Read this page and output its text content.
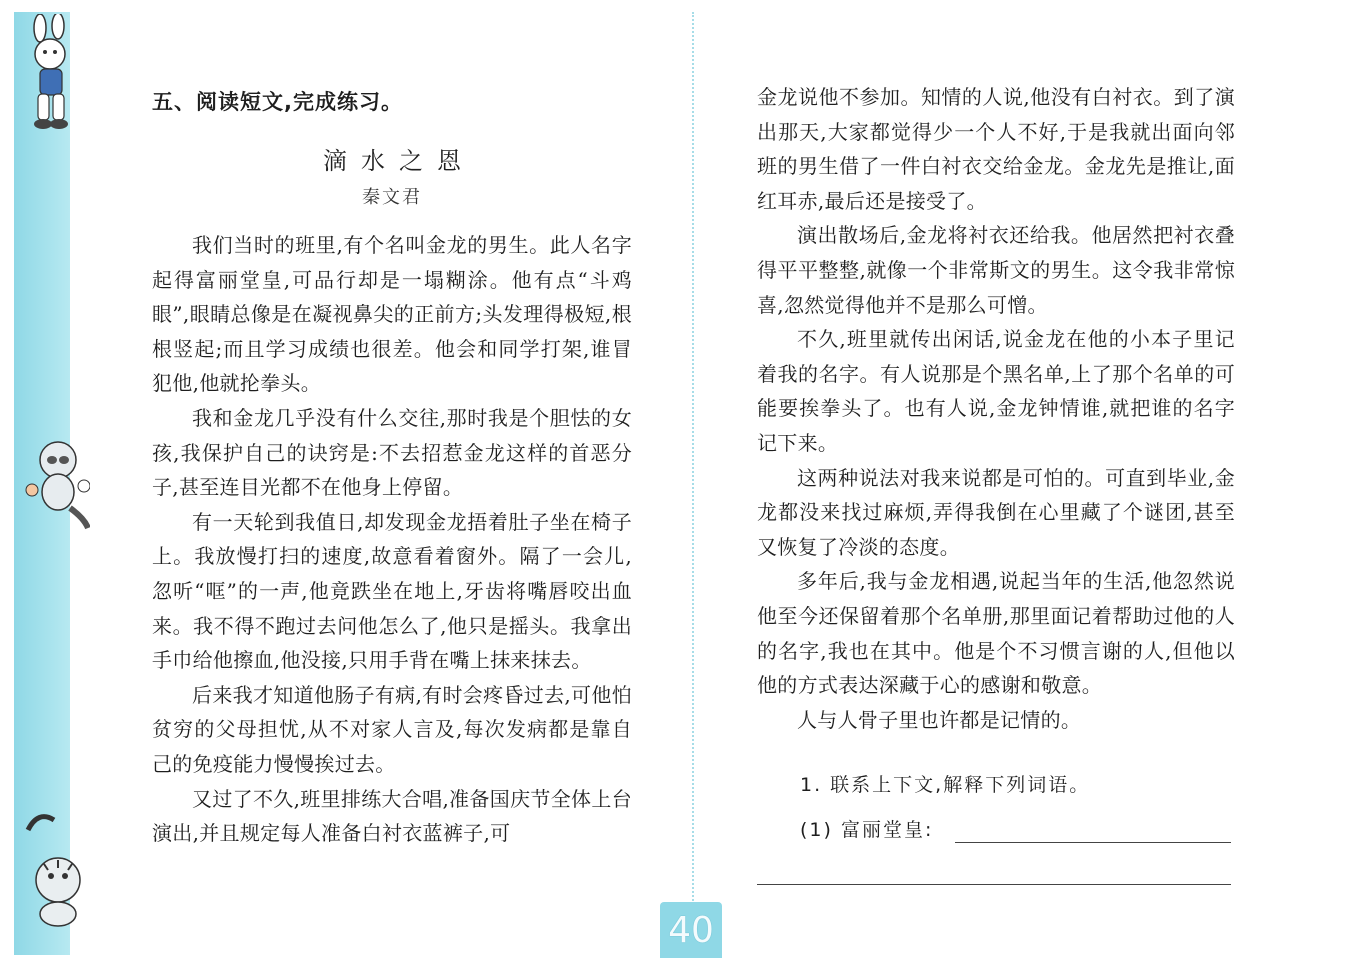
五、阅读短文,完成练习。
滴水之恩
秦文君

我们当时的班里,有个名叫金龙的男生。此人名字起得富丽堂皇,可品行却是一塌糊涂。他有点“斗鸡眼”,眼睛总像是在凝视鼻尖的正前方;头发理得极短,根根竖起;而且学习成绩也很差。他会和同学打架,谁冒犯他,他就抡拳头。

我和金龙几乎没有什么交往,那时我是个胆怯的女孩,我保护自己的诀窍是:不去招惹金龙这样的首恶分子,甚至连目光都不在他身上停留。

有一天轮到我值日,却发现金龙捂着肚子坐在椅子上。我放慢打扫的速度,故意看着窗外。隔了一会儿,忽听“哐”的一声,他竟跌坐在地上,牙齿将嘴唇咬出血来。我不得不跑过去问他怎么了,他只是摇头。我拿出手巾给他擦血,他没接,只用手背在嘴上抹来抹去。

后来我才知道他肠子有病,有时会疼昏过去,可他怕贫穷的父母担忧,从不对家人言及,每次发病都是靠自己的免疫能力慢慢挨过去。

又过了不久,班里排练大合唱,准备国庆节全体上台演出,并且规定每人准备白衬衣蓝裤子,可

金龙说他不参加。知情的人说,他没有白衬衣。到了演出那天,大家都觉得少一个人不好,于是我就出面向邻班的男生借了一件白衬衣交给金龙。金龙先是推让,面红耳赤,最后还是接受了。

演出散场后,金龙将衬衣还给我。他居然把衬衣叠得平平整整,就像一个非常斯文的男生。这令我非常惊喜,忽然觉得他并不是那么可憎。

不久,班里就传出闲话,说金龙在他的小本子里记着我的名字。有人说那是个黑名单,上了那个名单的可能要挨拳头了。也有人说,金龙钟情谁,就把谁的名字记下来。

这两种说法对我来说都是可怕的。可直到毕业,金龙都没来找过麻烦,弄得我倒在心里藏了个谜团,甚至又恢复了冷淡的态度。

多年后,我与金龙相遇,说起当年的生活,他忽然说他至今还保留着那个名单册,那里面记着帮助过他的人的名字,我也在其中。他是个不习惯言谢的人,但他以他的方式表达深藏于心的感谢和敬意。

人与人骨子里也许都是记情的。

1. 联系上下文,解释下列词语。
(1) 富丽堂皇:
40
